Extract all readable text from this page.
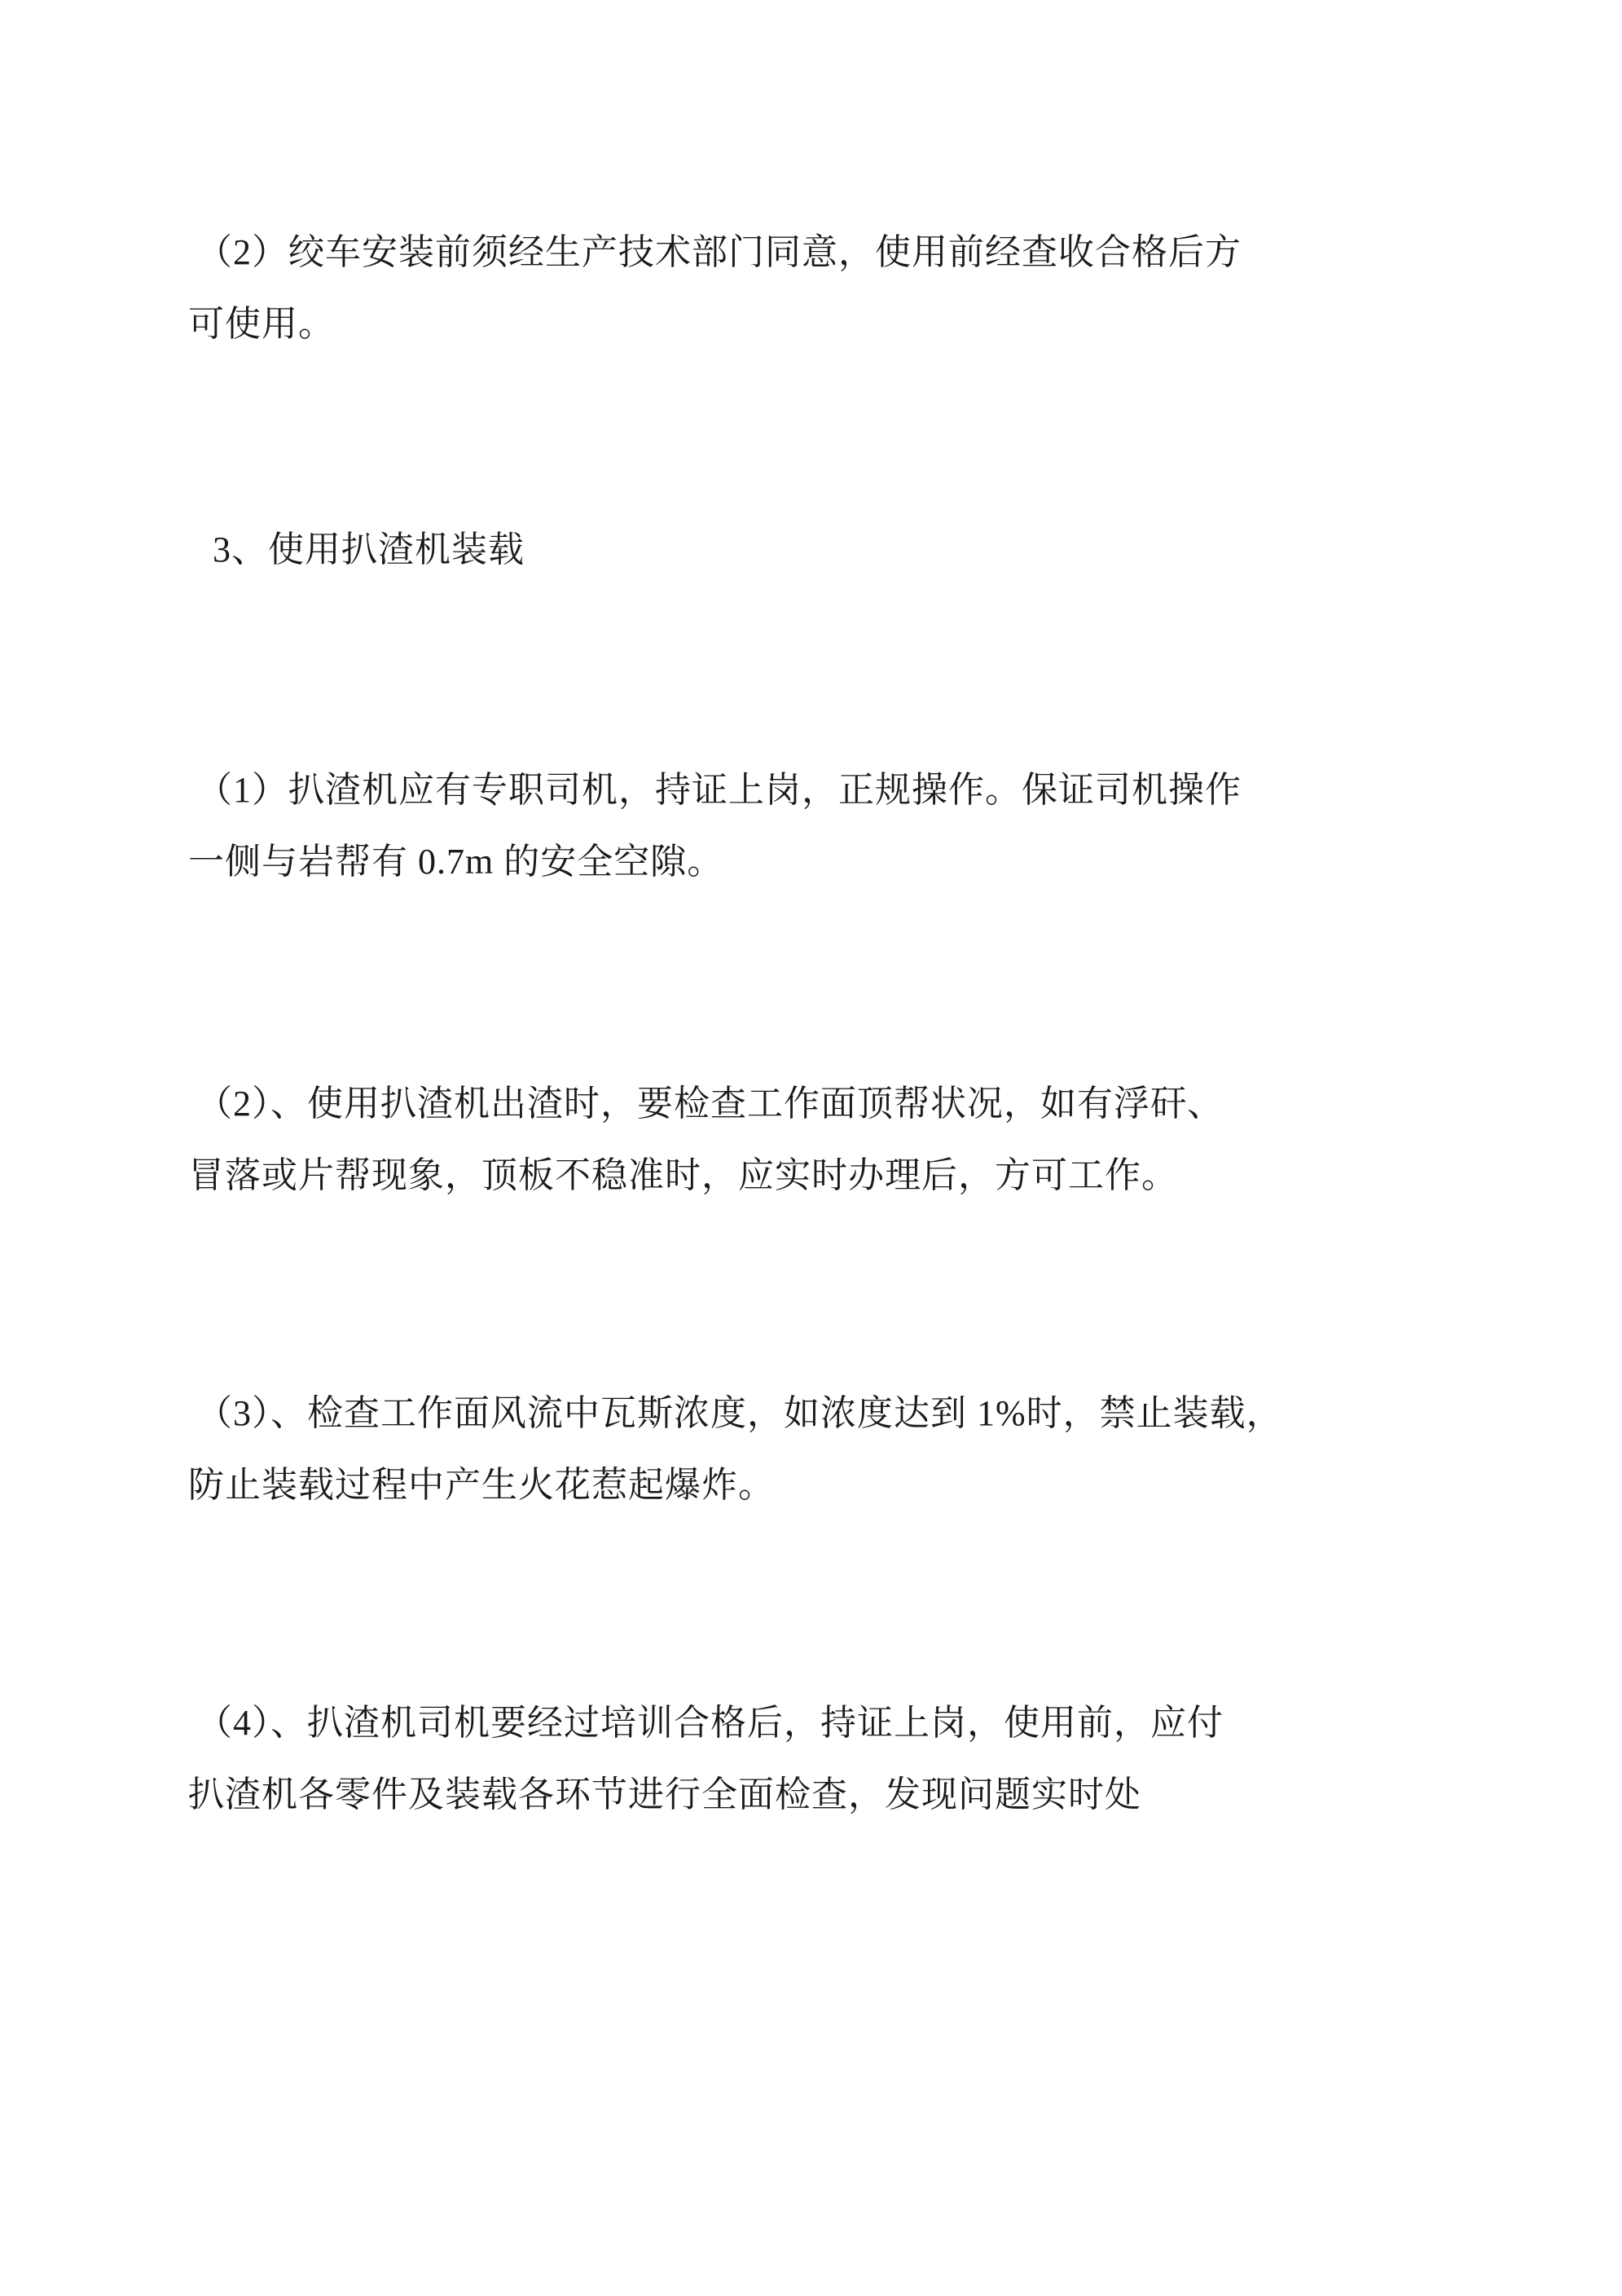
（2）绞车安装前须经生产技术部门同意，使用前经查收合格后方
可使用。
3、使用扒渣机装载
（1）扒渣机应有专职司机，持证上岗，正规操作。保证司机操作
一侧与岩帮有 0.7m 的安全空隙。
（2）、使用扒渣机出渣时，要检查工作面顶帮状况，如有浮矸、
冒落或片帮现象，顶板不稳准时，应实时办理后，方可工作。
（3）、检查工作面风流中瓦斯浓度，如浓度达到 1%时，禁止装载，
防止装载过程中产生火花惹起爆炸。
（4）、扒渣机司机要经过培训合格后，持证上岗，使用前，应付
扒渣机各零件及装载各环节进行全面检查，发现问题实时处
